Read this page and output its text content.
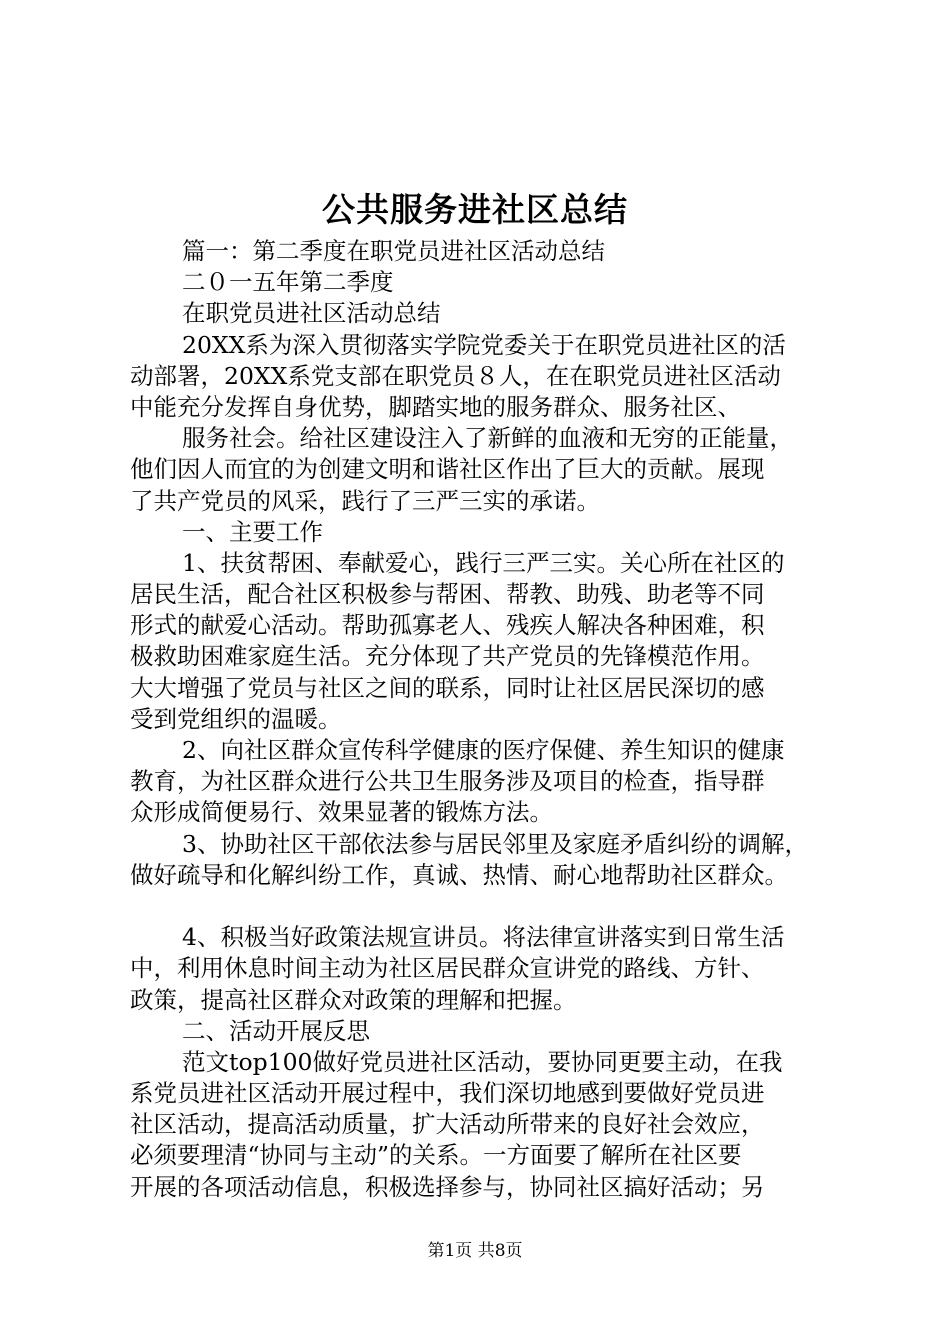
公共服务进社区总结
篇一：第二季度在职党员进社区活动总结
二０一五年第二季度
在职党员进社区活动总结
20XX系为深入贯彻落实学院党委关于在职党员进社区的活
动部署，20XX系党支部在职党员８人，在在职党员进社区活动
中能充分发挥自身优势，脚踏实地的服务群众、服务社区、
服务社会。给社区建设注入了新鲜的血液和无穷的正能量，
他们因人而宜的为创建文明和谐社区作出了巨大的贡献。展现
了共产党员的风采，践行了三严三实的承诺。
一、主要工作
1、扶贫帮困、奉献爱心，践行三严三实。关心所在社区的
居民生活，配合社区积极参与帮困、帮教、助残、助老等不同
形式的献爱心活动。帮助孤寡老人、残疾人解决各种困难，积
极救助困难家庭生活。充分体现了共产党员的先锋模范作用。
大大增强了党员与社区之间的联系，同时让社区居民深切的感
受到党组织的温暖。
2、向社区群众宣传科学健康的医疗保健、养生知识的健康
教育，为社区群众进行公共卫生服务涉及项目的检查，指导群
众形成简便易行、效果显著的锻炼方法。
3、协助社区干部依法参与居民邻里及家庭矛盾纠纷的调解，
做好疏导和化解纠纷工作，真诚、热情、耐心地帮助社区群众。
4、积极当好政策法规宣讲员。将法律宣讲落实到日常生活
中，利用休息时间主动为社区居民群众宣讲党的路线、方针、
政策，提高社区群众对政策的理解和把握。
二、活动开展反思
范文top100做好党员进社区活动，要协同更要主动，在我
系党员进社区活动开展过程中，我们深切地感到要做好党员进
社区活动，提高活动质量，扩大活动所带来的良好社会效应，
必须要理清“协同与主动”的关系。一方面要了解所在社区要
开展的各项活动信息，积极选择参与，协同社区搞好活动；另
第1页 共8页
